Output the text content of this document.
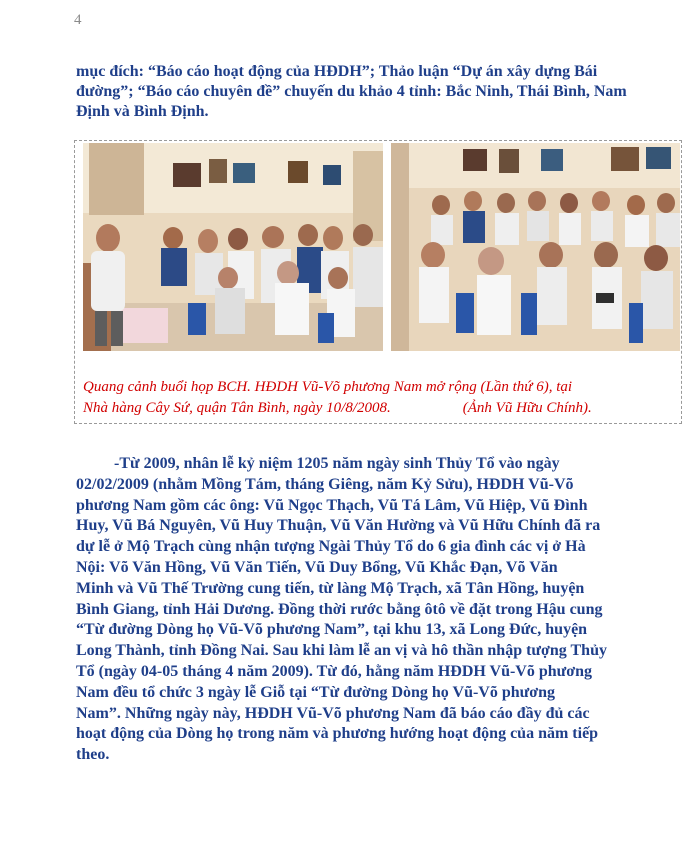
4
mục đích: “Báo cáo hoạt động của HĐDH”; Thảo luận “Dự án xây dựng Bái đường”; “Báo cáo chuyên đề” chuyến du khảo 4 tỉnh: Bắc Ninh, Thái Bình, Nam Định và Bình Định.
Quang cảnh buổi họp BCH. HĐDH Vũ-Võ phương Nam mở rộng (Lần thứ 6), tại
Nhà hàng Cây Sứ, quận Tân Bình, ngày 10/8/2008.	(Ảnh Vũ Hữu Chính).
-Từ 2009, nhân lễ kỷ niệm 1205 năm ngày sinh Thủy Tổ vào ngày
02/02/2009 (nhằm Mồng Tám, tháng Giêng, năm Kỷ Sửu), HĐDH Vũ-Võ
phương Nam gồm các ông: Vũ Ngọc Thạch, Vũ Tá Lâm, Vũ Hiệp, Vũ Đình
Huy, Vũ Bá Nguyên, Vũ Huy Thuận, Vũ Văn Hường và Vũ Hữu Chính đã ra
dự lễ ở Mộ Trạch cùng nhận tượng Ngài Thủy Tổ do 6 gia đình các vị ở Hà
Nội: Võ Văn Hồng, Vũ Văn Tiến, Vũ Duy Bổng, Vũ Khắc Đạn, Võ Văn
Minh và Vũ Thế Trường cung tiến, từ làng Mộ Trạch, xã Tân Hồng, huyện
Bình Giang, tỉnh Hải Dương. Đồng thời rước bằng ôtô về đặt trong Hậu cung
“Từ đường Dòng họ Vũ-Võ phương Nam”, tại khu 13, xã Long Đức, huyện
Long Thành, tỉnh Đồng Nai. Sau khi làm lễ an vị và hô thần nhập tượng Thủy
Tổ (ngày 04-05 tháng 4 năm 2009). Từ đó, hằng năm HĐDH Vũ-Võ phương
Nam đều tổ chức 3 ngày lễ Giỗ tại “Từ đường Dòng họ Vũ-Võ phương
Nam”. Những ngày này, HĐDH Vũ-Võ phương Nam đã báo cáo đầy đủ các
hoạt động của Dòng họ trong năm và phương hướng hoạt động của năm tiếp
theo.
